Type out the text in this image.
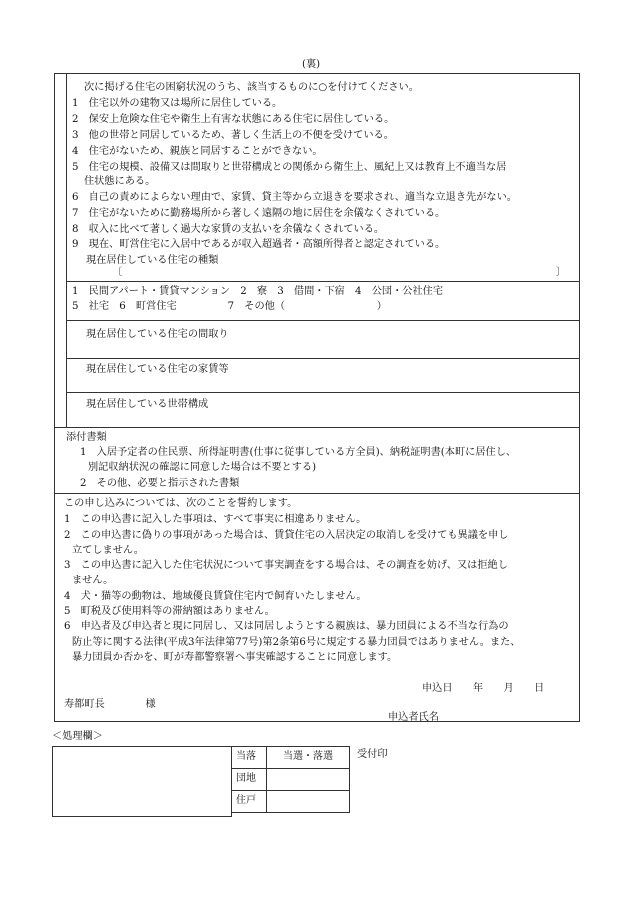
(裏)
次に掲げる住宅の困窮状況のうち、該当するものに○を付けてください。
1　住宅以外の建物又は場所に居住している。
2　保安上危険な住宅や衛生上有害な状態にある住宅に居住している。
3　他の世帯と同居しているため、著しく生活上の不便を受けている。
4　住宅がないため、親族と同居することができない。
5　住宅の規模、設備又は間取りと世帯構成との関係から衛生上、風紀上又は教育上不適当な居
住状態にある。
6　自己の責めによらない理由で、家賃、貸主等から立退きを要求され、適当な立退き先がない。
7　住宅がないために勤務場所から著しく遠隔の地に居住を余儀なくされている。
8　収入に比べて著しく過大な家賃の支払いを余儀なくされている。
9　現在、町営住宅に入居中であるが収入超過者・高額所得者と認定されている。
現在居住している住宅の種類
〔	〕
1　民間アパート・賃貸マンション　2　寮　3　借間・下宿　4　公団・公社住宅
5　社宅　6　町営住宅　　　　　7　その他（　　　　　　　　　）
現在居住している住宅の間取り
現在居住している住宅の家賃等
現在居住している世帯構成
添付書類
1　入居予定者の住民票、所得証明書(仕事に従事している方全員)、納税証明書(本町に居住し、
別記収納状況の確認に同意した場合は不要とする)
2　その他、必要と指示された書類
この申し込みについては、次のことを誓約します。
1　この申込書に記入した事項は、すべて事実に相違ありません。
2　この申込書に偽りの事項があった場合は、賃貸住宅の入居決定の取消しを受けても異議を申し
立てしません。
3　この申込書に記入した住宅状況について事実調査をする場合は、その調査を妨げ、又は拒絶し
ません。
4　犬・猫等の動物は、地域優良賃貸住宅内で飼育いたしません。
5　町税及び使用料等の滞納額はありません。
6　申込者及び申込者と現に同居し、又は同居しようとする親族は、暴力団員による不当な行為の
防止等に関する法律(平成3年法律第77号)第2条第6号に規定する暴力団員ではありません。また、
暴力団員か否かを、町が寿都警察署へ事実確認することに同意します。
申込日　　年　　月　　日
寿都町長　　　　様
申込者氏名
＜処理欄＞
当落	当選・落選
団地	
住戸	
受付印
